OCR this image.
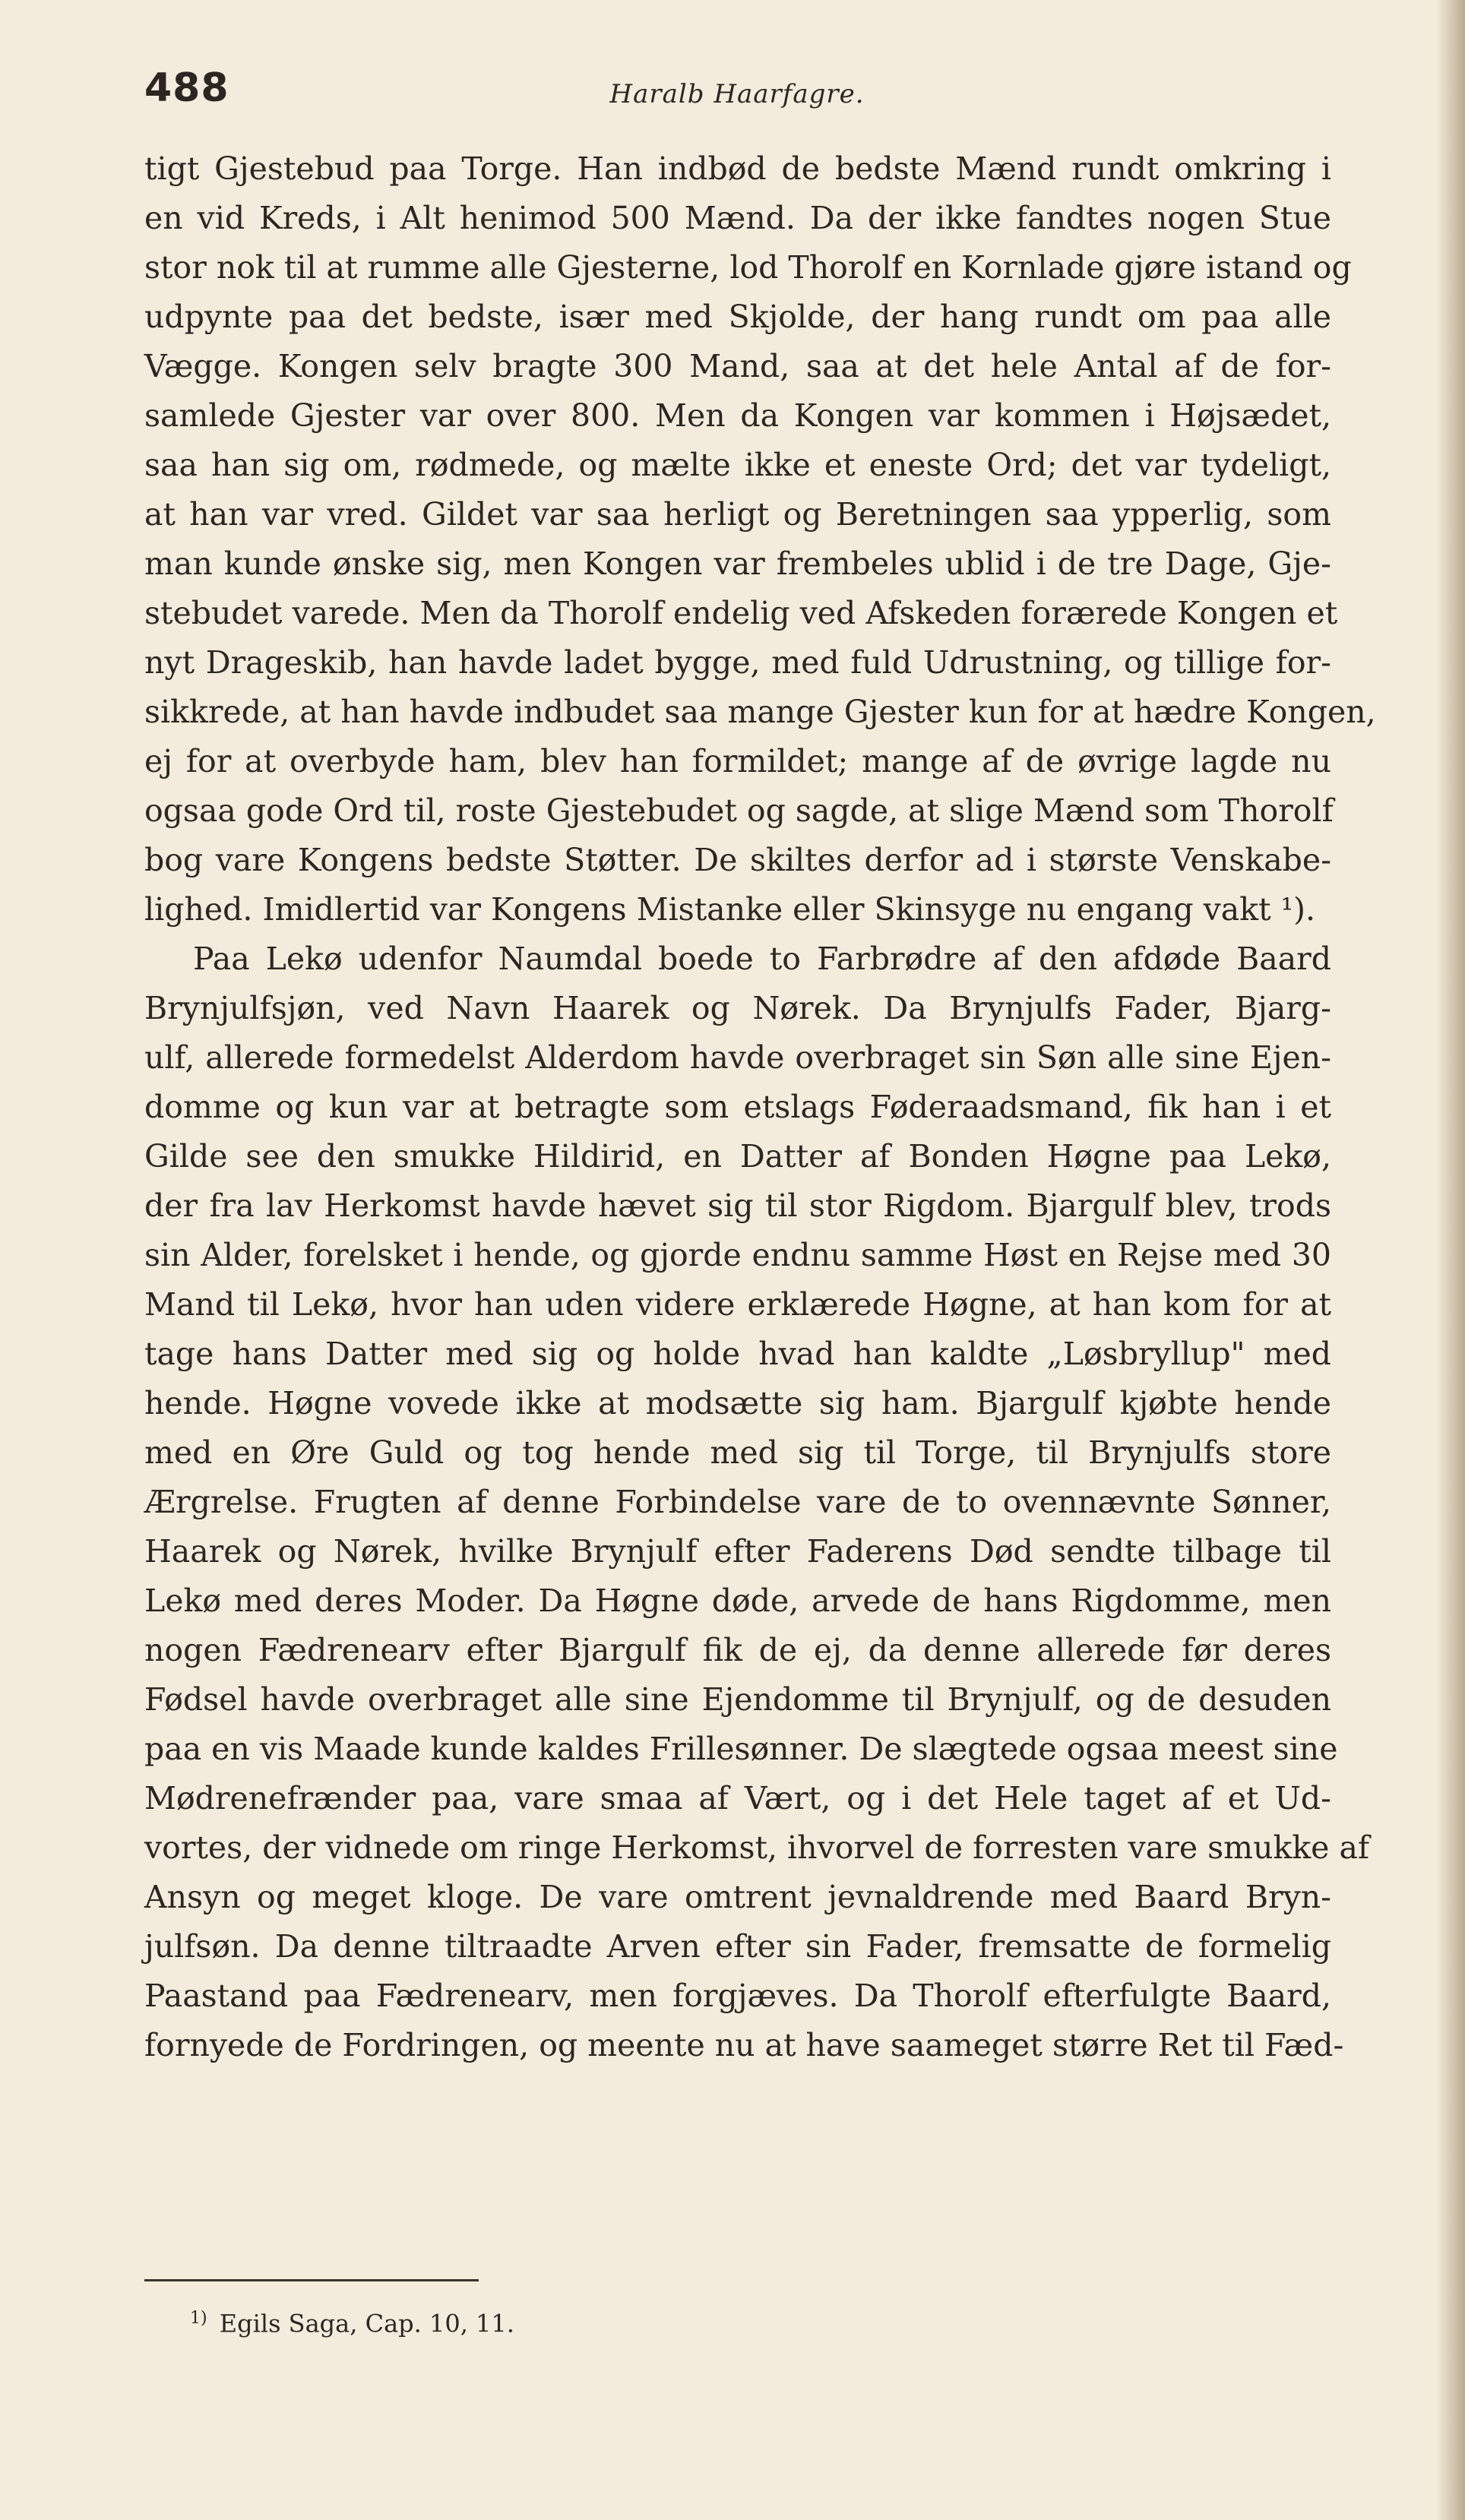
488	Haralb Haarfagre.
tigt Gjestebud paa Torge. Han indbød de bedste Mænd rundt omkring i
en vid Kreds, i Alt henimod 500 Mænd. Da der ikke fandtes nogen Stue
stor nok til at rumme alle Gjesterne, lod Thorolf en Kornlade gjøre istand og
udpynte paa det bedste, især med Skjolde, der hang rundt om paa alle
Vægge. Kongen selv bragte 300 Mand, saa at det hele Antal af de for-
samlede Gjester var over 800. Men da Kongen var kommen i Højsædet,
saa han sig om, rødmede, og mælte ikke et eneste Ord; det var tydeligt,
at han var vred. Gildet var saa herligt og Beretningen saa ypperlig, som
man kunde ønske sig, men Kongen var frembeles ublid i de tre Dage, Gje-
stebudet varede. Men da Thorolf endelig ved Afskeden forærede Kongen et
nyt Drageskib, han havde ladet bygge, med fuld Udrustning, og tillige for-
sikkrede, at han havde indbudet saa mange Gjester kun for at hædre Kongen,
ej for at overbyde ham, blev han formildet; mange af de øvrige lagde nu
ogsaa gode Ord til, roste Gjestebudet og sagde, at slige Mænd som Thorolf
bog vare Kongens bedste Støtter. De skiltes derfor ad i største Venskabe-
lighed. Imidlertid var Kongens Mistanke eller Skinsyge nu engang vakt ¹).
Paa Lekø udenfor Naumdal boede to Farbrødre af den afdøde Baard
Brynjulfsjøn, ved Navn Haarek og Nørek. Da Brynjulfs Fader, Bjarg-
ulf, allerede formedelst Alderdom havde overbraget sin Søn alle sine Ejen-
domme og kun var at betragte som etslags Føderaadsmand, fik han i et
Gilde see den smukke Hildirid, en Datter af Bonden Høgne paa Lekø,
der fra lav Herkomst havde hævet sig til stor Rigdom. Bjargulf blev, trods
sin Alder, forelsket i hende, og gjorde endnu samme Høst en Rejse med 30
Mand til Lekø, hvor han uden videre erklærede Høgne, at han kom for at
tage hans Datter med sig og holde hvad han kaldte „Løsbryllup" med
hende. Høgne vovede ikke at modsætte sig ham. Bjargulf kjøbte hende
med en Øre Guld og tog hende med sig til Torge, til Brynjulfs store
Ærgrelse. Frugten af denne Forbindelse vare de to ovennævnte Sønner,
Haarek og Nørek, hvilke Brynjulf efter Faderens Død sendte tilbage til
Lekø med deres Moder. Da Høgne døde, arvede de hans Rigdomme, men
nogen Fædrenearv efter Bjargulf fik de ej, da denne allerede før deres
Fødsel havde overbraget alle sine Ejendomme til Brynjulf, og de desuden
paa en vis Maade kunde kaldes Frillesønner. De slægtede ogsaa meest sine
Mødrenefrænder paa, vare smaa af Vært, og i det Hele taget af et Ud-
vortes, der vidnede om ringe Herkomst, ihvorvel de forresten vare smukke af
Ansyn og meget kloge. De vare omtrent jevnaldrende med Baard Bryn-
julfsøn. Da denne tiltraadte Arven efter sin Fader, fremsatte de formelig
Paastand paa Fædrenearv, men forgjæves. Da Thorolf efterfulgte Baard,
fornyede de Fordringen, og meente nu at have saameget større Ret til Fæd-
$^{1)}$ Egils Saga, Cap. 10, 11.
